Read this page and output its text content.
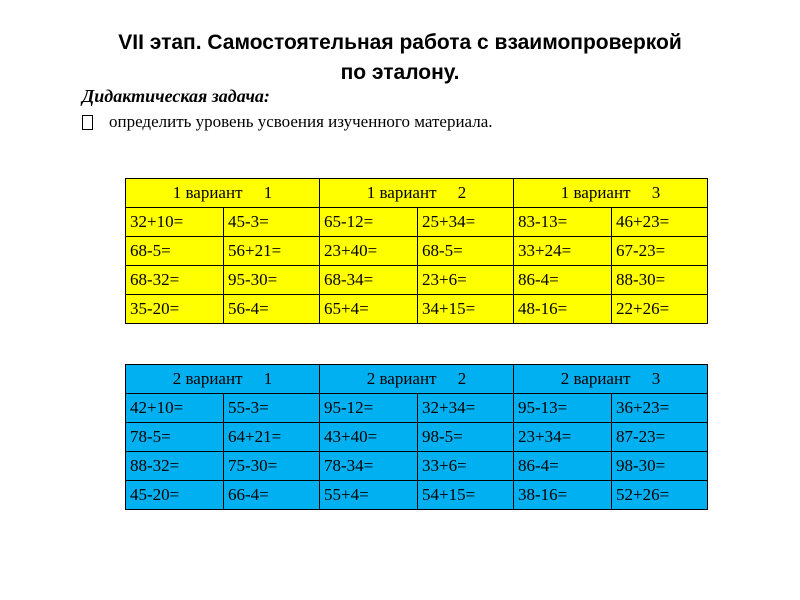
VII этап. Самостоятельная работа с взаимопроверкой
по эталону.
Дидактическая задача:
определить уровень усвоения изученного материала.
1 вариант     1		1 вариант     2		1 вариант     3	
32+10=	45-3=	65-12=	25+34=	83-13=	46+23=
68-5=	56+21=	23+40=	68-5=	33+24=	67-23=
68-32=	95-30=	68-34=	23+6=	86-4=	88-30=
35-20=	56-4=	65+4=	34+15=	48-16=	22+26=
2 вариант     1		2 вариант     2		2 вариант     3	
42+10=	55-3=	95-12=	32+34=	95-13=	36+23=
78-5=	64+21=	43+40=	98-5=	23+34=	87-23=
88-32=	75-30=	78-34=	33+6=	86-4=	98-30=
45-20=	66-4=	55+4=	54+15=	38-16=	52+26=
